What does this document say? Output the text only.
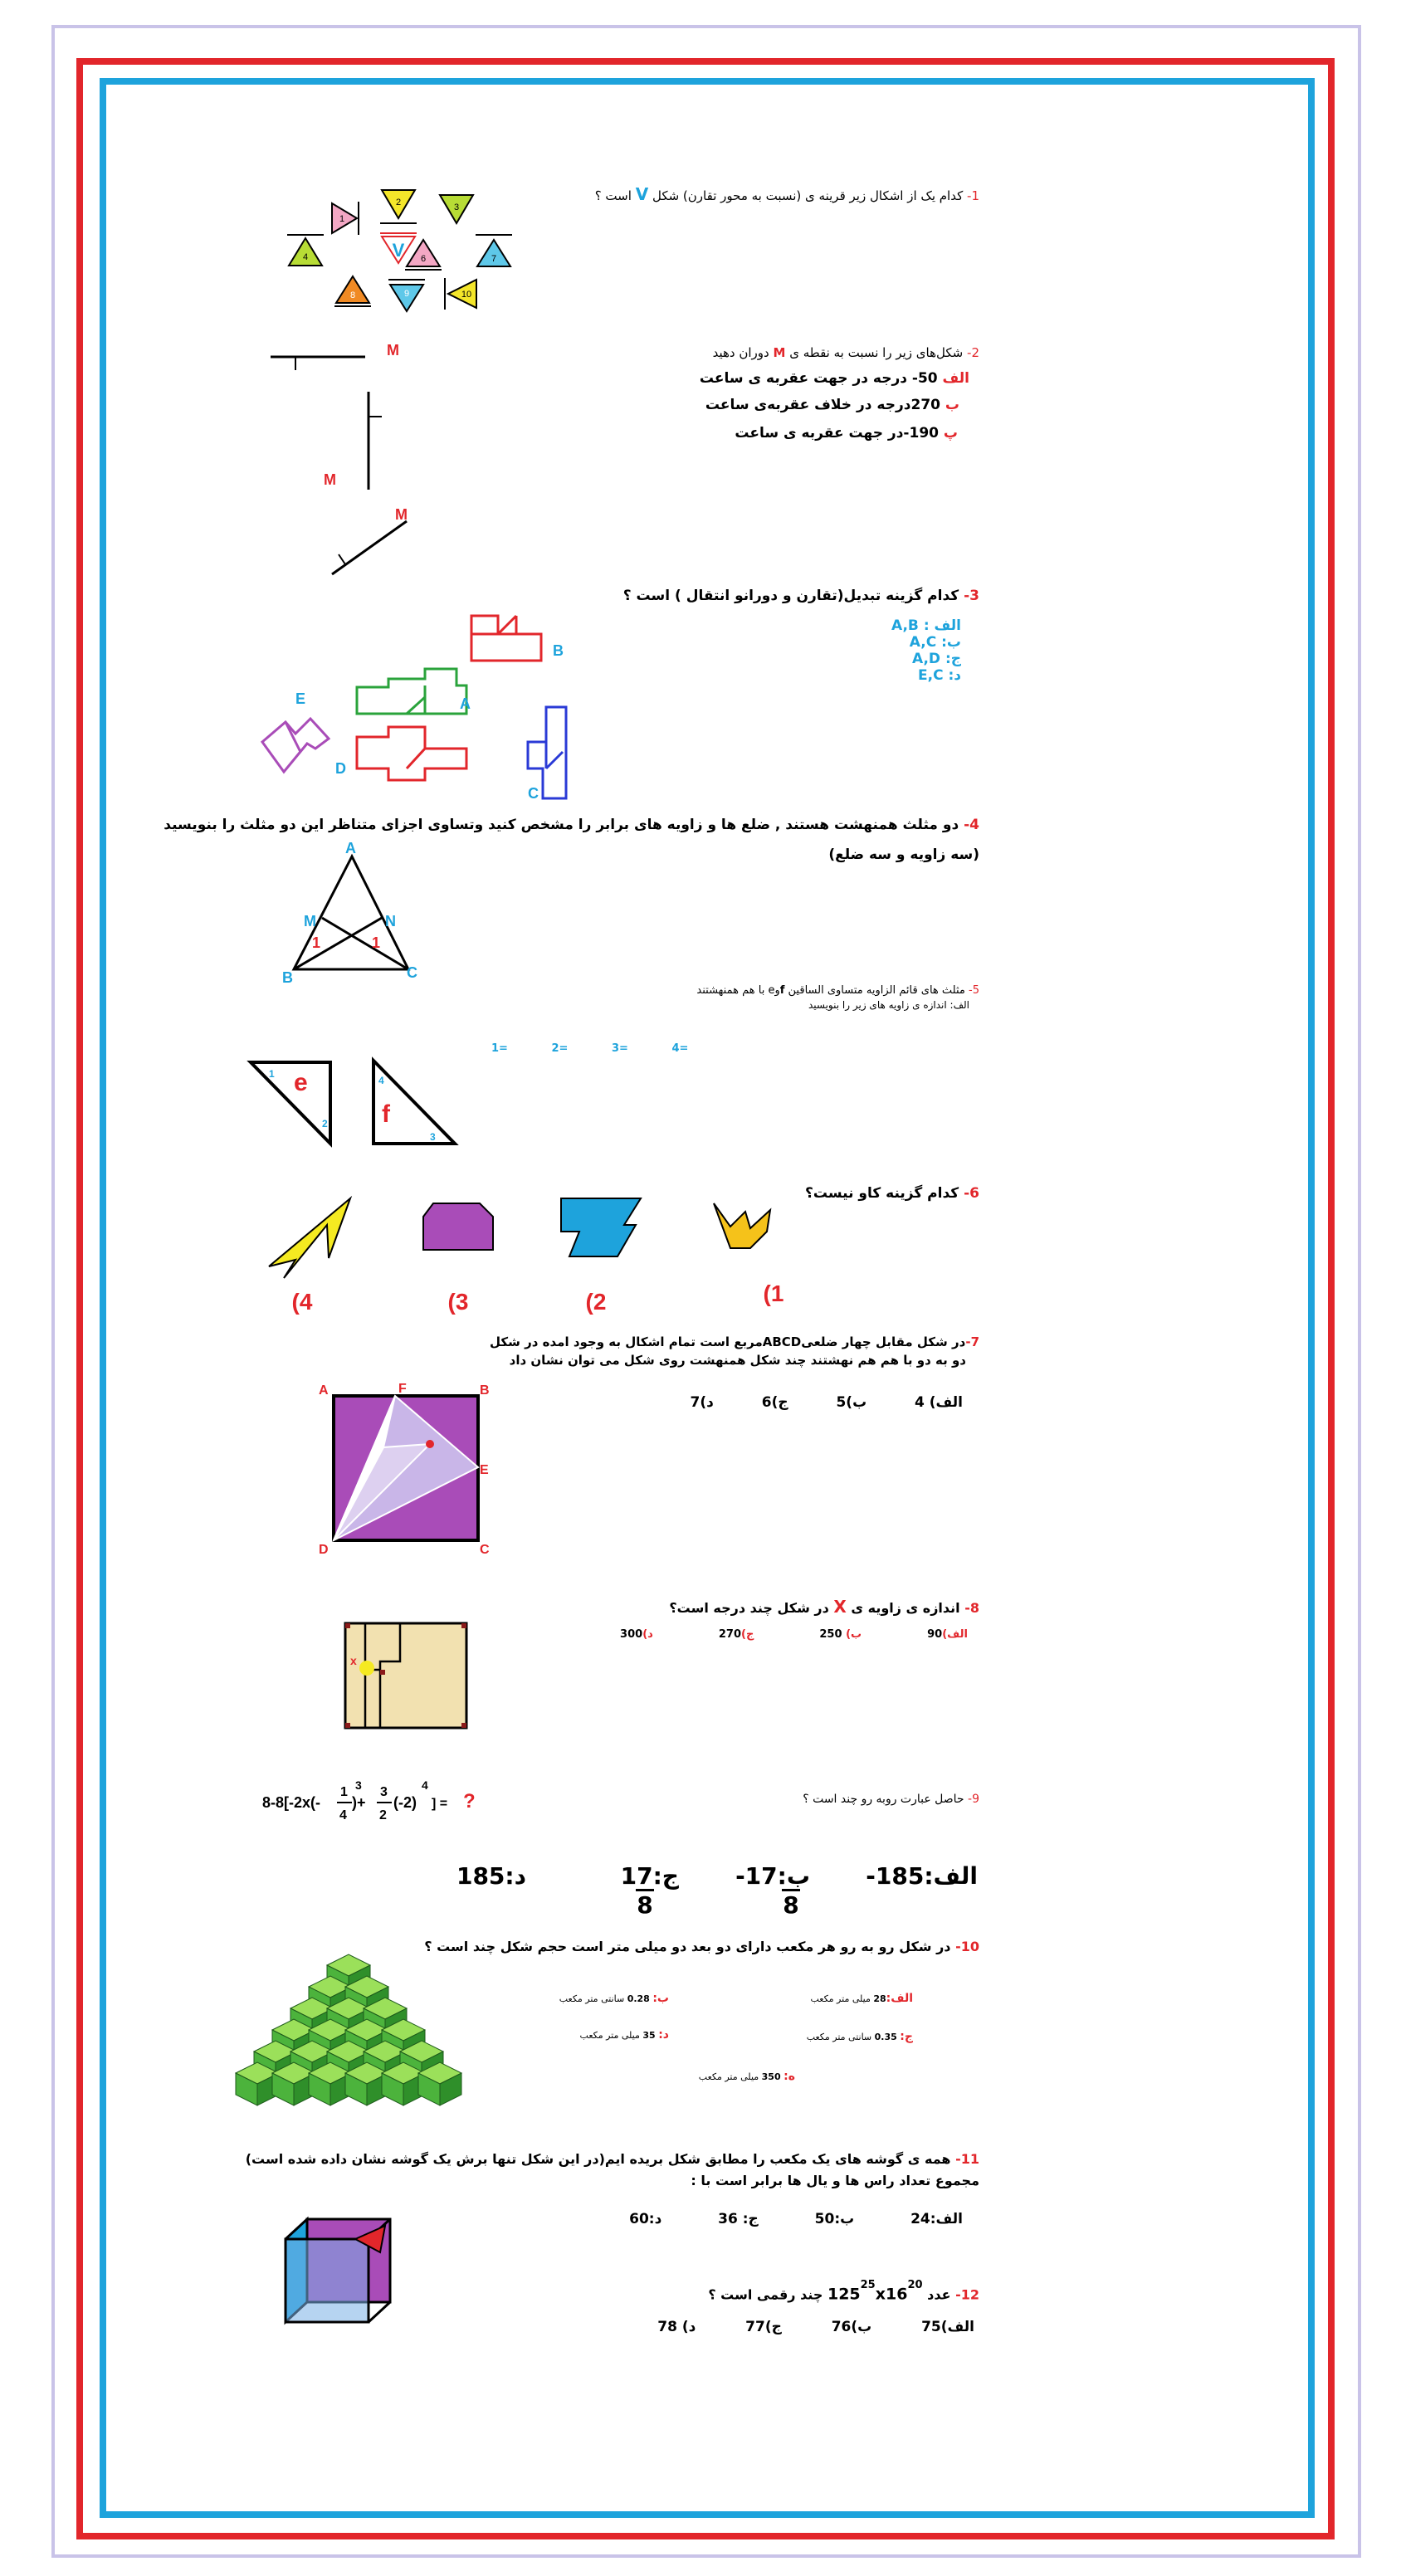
1- کدام یک از اشکال زیر قرینه ی (نسبت به محور تقارن) شکل V است ؟
V
1
2	3
4	6	7
8	9	10
2- شکل‌های زیر را نسبت به نقطه ی M دوران دهید
الف 50- درجه در جهت عقربه ی ساعت
ب 270درجه در خلاف عقربه‌ی ساعت
پ 190-در جهت عقربه ی ساعت
M
M
M
3- کدام گزینه تبدیل(تقارن و دورانو انتقال ) است ؟
الف : A,B
ب: A,C
ج: A,D
د: E,C
B
A
C
D
E
4- دو مثلث همنهشت هستند , ضلع ها و زاویه های برابر را مشخص کنید وتساوی اجزای متناظر این دو مثلث را بنویسید
(سه زاویه و سه ضلع)
A
B	C
M	N
1	1
5- مثلث های قائم الزاویه متساوی الساقین fوe با هم همنهشتند
الف: اندازه ی زاویه های زیر را بنویسید
1=	2=	3=	4=
e
f
1
2
4
3
6- کدام گزینه کاو نیست؟
(4	(3	(2	(1
7-در شکل مقابل چهار ضلعیABCDمربع است تمام اشکال به وجود امده در شکل
دو به دو با هم هم نهشتند چند شکل همنهشت روی شکل می توان نشان داد
الف) 4  ب)5  ج)6  د)7
A	F	B
E
D	C
8- اندازه ی زاویه ی X در شکل چند درجه است؟
الف)90  ب) 250  ج)270  د)300
x
9- حاصل عبارت روبه رو چند است ؟
8-8[-2x(-
1
4
3
)+
3
2
(-2)
4
] = ?
الف:-185
ب:-17
8
ج:17
8
د:185
10- در شکل رو به رو هر مکعب دارای دو بعد دو میلی متر است حجم شکل چند است ؟
الف:28 میلی متر مکعب
ب: 0.28 سانتی متر مکعب
ج: 0.35 سانتی متر مکعب
د: 35 میلی متر مکعب
ه: 350 میلی متر مکعب
11- همه ی گوشه های یک مکعب را مطابق شکل بریده ایم(در این شکل تنها برش یک گوشه نشان داده شده است)
مجموع تعداد راس ها و یال ها برابر است با :
الف:24  ب:50  ج: 36  د:60
12- عدد $125^{25}x16^{20}$ چند رقمی است ؟
الف)75  ب)76  ج)77  د) 78
